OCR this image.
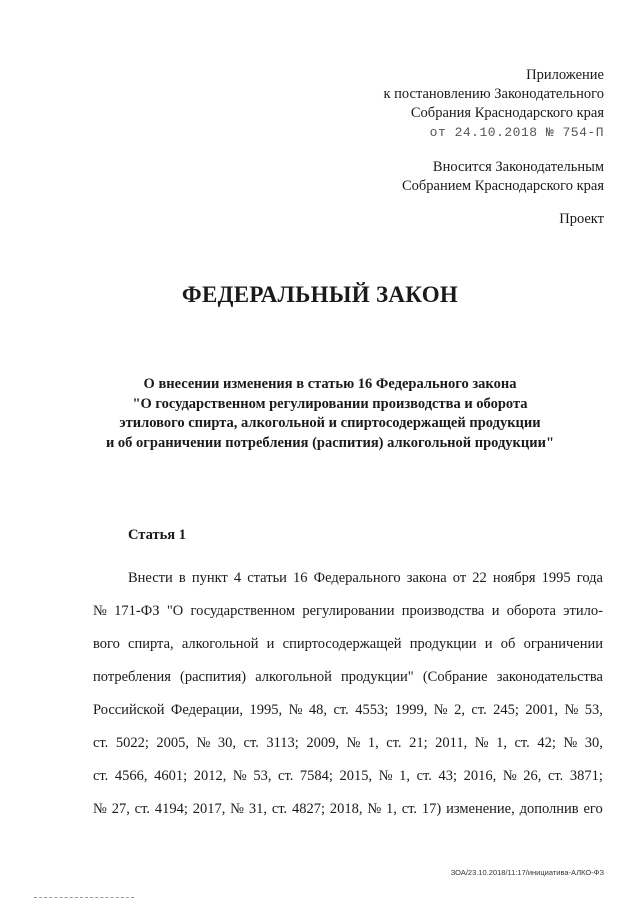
Приложение
к постановлению Законодательного
Собрания Краснодарского края
от 24.10.2018 № 754-П
Вносится Законодательным
Собранием Краснодарского края
Проект
ФЕДЕРАЛЬНЫЙ ЗАКОН
О внесении изменения в статью 16 Федерального закона
"О государственном регулировании производства и оборота
этилового спирта, алкогольной и спиртосодержащей продукции
и об ограничении потребления (распития) алкогольной продукции"
Статья 1
Внести в пункт 4 статьи 16 Федерального закона от 22 ноября 1995 года
№ 171-ФЗ "О государственном регулировании производства и оборота этило-
вого спирта, алкогольной и спиртосодержащей продукции и об ограничении
потребления (распития) алкогольной продукции" (Собрание законодательства
Российской Федерации, 1995, № 48, ст. 4553; 1999, № 2, ст. 245; 2001, № 53,
ст. 5022; 2005, № 30, ст. 3113; 2009, № 1, ст. 21; 2011, № 1, ст. 42; № 30,
ст. 4566, 4601; 2012, № 53, ст. 7584; 2015, № 1, ст. 43; 2016, № 26, ст. 3871;
№ 27, ст. 4194; 2017, № 31, ст. 4827; 2018, № 1, ст. 17) изменение, дополнив его
ЗОА/23.10.2018/11:17/инициатива-АЛКО-ФЗ
